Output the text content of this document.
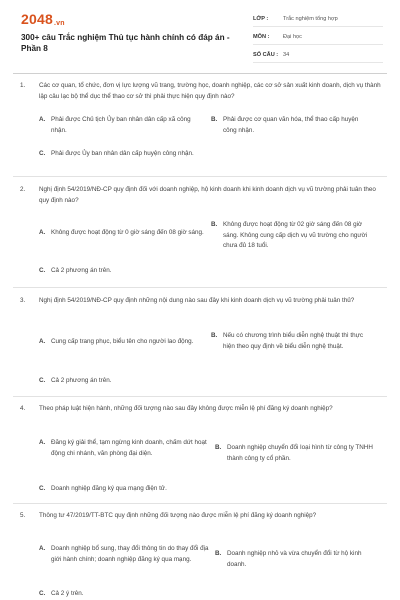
2048.vn
300+ câu Trắc nghiệm Thủ tục hành chính có đáp án - Phần 8
LỚP :	Trắc nghiệm tổng hợp
MÔN :	Đại học
SỐ CÂU : 34
1.	Các cơ quan, tổ chức, đơn vị lực lượng vũ trang, trường học, doanh nghiệp, các cơ sở sản xuất kinh doanh, dịch vụ thành lập câu lạc bộ thể dục thể thao cơ sở thì phải thực hiện quy định nào?
A. Phải được Chủ tịch Ủy ban nhân dân cấp xã công nhận.
B. Phải được cơ quan văn hóa, thể thao cấp huyện công nhận.
C. Phải được Ủy ban nhân dân cấp huyện công nhận.
2.	Nghị định 54/2019/NĐ-CP quy định đối với doanh nghiệp, hộ kinh doanh khi kinh doanh dịch vụ vũ trường phải tuân theo quy định nào?
A. Không được hoạt động từ 0 giờ sáng đến 08 giờ sáng.
B. Không được hoạt động từ 02 giờ sáng đến 08 giờ sáng. Không cung cấp dịch vụ vũ trường cho người chưa đủ 18 tuổi.
C. Cả 2 phương án trên.
3.	Nghị định 54/2019/NĐ-CP quy định những nội dung nào sau đây khi kinh doanh dịch vụ vũ trường phải tuân thủ?
A. Cung cấp trang phục, biểu tên cho người lao động.
B. Nếu có chương trình biểu diễn nghệ thuật thì thực hiện theo quy định về biểu diễn nghệ thuật.
C. Cả 2 phương án trên.
4.	Theo pháp luật hiện hành, những đối tượng nào sau đây không được miễn lệ phí đăng ký doanh nghiệp?
A. Đăng ký giải thể, tạm ngừng kinh doanh, chấm dứt hoạt động chi nhánh, văn phòng đại diện.
B. Doanh nghiệp chuyển đổi loại hình từ công ty TNHH thành công ty cổ phần.
C. Doanh nghiệp đăng ký qua mạng điện tử.
5.	Thông tư 47/2019/TT-BTC quy định những đối tượng nào được miễn lệ phí đăng ký doanh nghiệp?
A. Doanh nghiệp bổ sung, thay đổi thông tin do thay đổi địa giới hành chính; doanh nghiệp đăng ký qua mạng.
B. Doanh nghiệp nhỏ và vừa chuyển đổi từ hộ kinh doanh.
C. Cả 2 ý trên.
